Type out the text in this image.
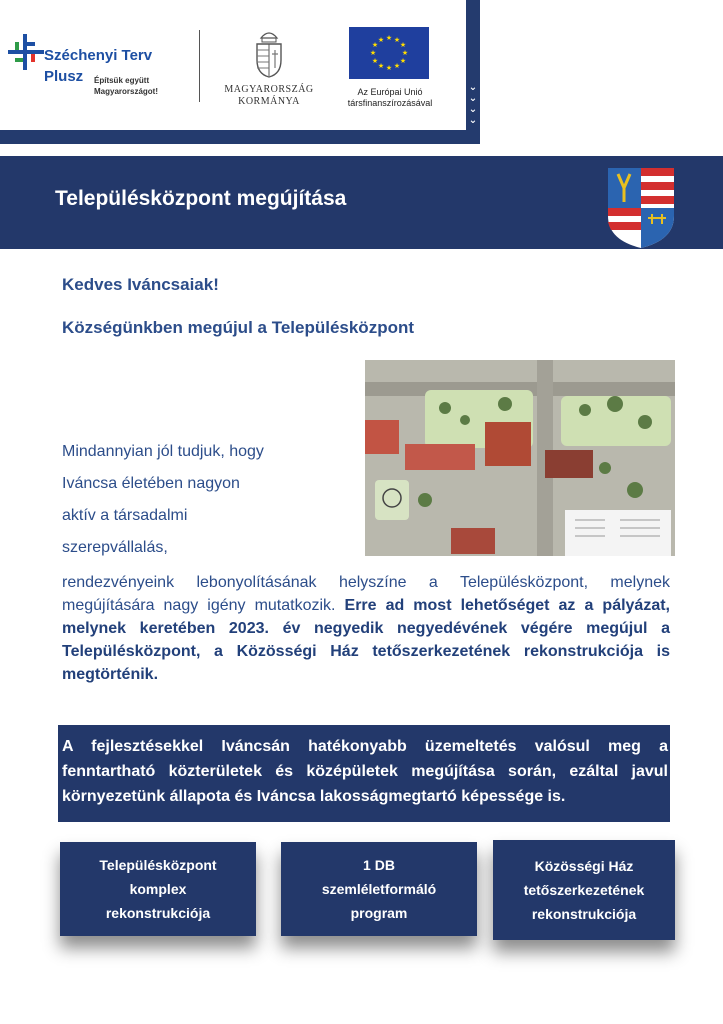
⌄
⌄
⌄
⌄
Széchenyi Terv
Plusz Építsük együtt
Magyarországot!	MAGYARORSZÁG
KORMÁNYA
★ ★
★
★
★
★
★
★
★
★
★
★
Az Európai Unió
társfinanszírozásával
Településközpont megújítása
Kedves Iváncsaiak!
Községünkben megújul a Településközpont
Mindannyian jól tudjuk, hogy
Iváncsa életében nagyon
aktív a társadalmi
szerepvállalás,
rendezvényeink lebonyolításának helyszíne a Településközpont, melynek megújítására nagy igény mutatkozik. Erre ad most lehetőséget az a pályázat, melynek keretében 2023. év negyedik negyedévének végére megújul a Településközpont, a Közösségi Ház tetőszerkezetének rekonstrukciója is megtörténik.
A fejlesztésekkel Iváncsán hatékonyabb üzemeltetés valósul meg a fenntartható közterületek és középületek megújítása során, ezáltal javul környezetünk állapota és Iváncsa lakosságmegtartó képessége is.
Településközpont
komplex
rekonstrukciója
1 DB
szemléletformáló
program
Közösségi Ház
tetőszerkezetének
rekonstrukciója
